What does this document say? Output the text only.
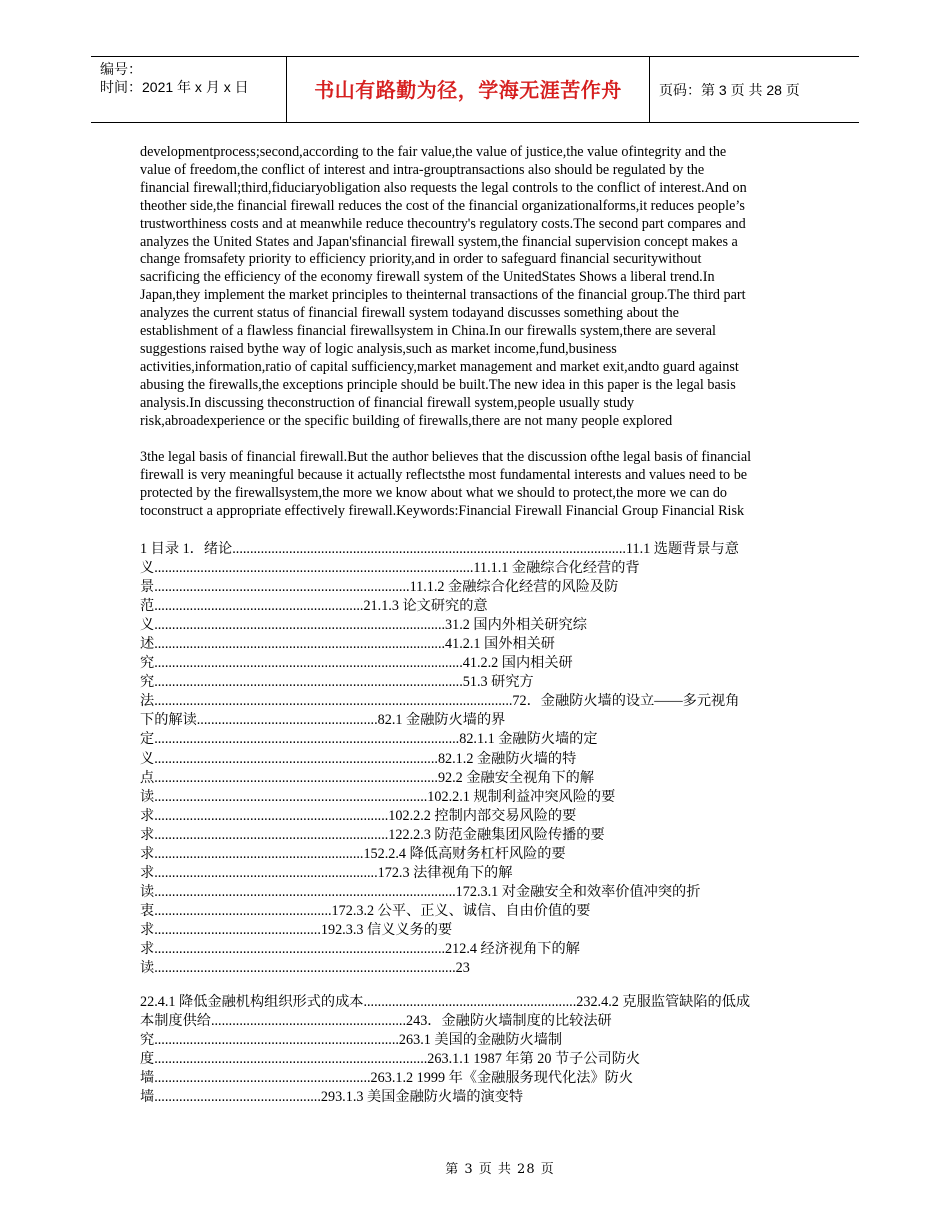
编号：
时间：2021 年 x 月 x 日	书山有路勤为径，学海无涯苦作舟	页码：第 3 页 共 28 页
developmentprocess;second,according to the fair value,the value of justice,the value ofintegrity and the
value of freedom,the conflict of interest and intra-grouptransactions also should be regulated by the
financial firewall;third,fiduciaryobligation also requests the legal controls to the conflict of interest.And on
theother side,the financial firewall reduces the cost of the financial organizationalforms,it reduces people’s
trustworthiness costs and at meanwhile reduce thecountry's regulatory costs.The second part compares and
analyzes the United States and Japan'sfinancial firewall system,the financial supervision concept makes a
change fromsafety priority to efficiency priority,and in order to safeguard financial securitywithout
sacrificing the efficiency of the economy firewall system of the UnitedStates Shows a liberal trend.In
Japan,they implement the market principles to theinternal transactions of the financial group.The third part
analyzes the current status of financial firewall system todayand discusses something about the
establishment of a flawless financial firewallsystem in China.In our firewalls system,there are several
suggestions raised bythe way of logic analysis,such as market income,fund,business
activities,information,ratio of capital sufficiency,market management and market exit,andto guard against
abusing the firewalls,the exceptions principle should be built.The new idea in this paper is the legal basis
analysis.In discussing theconstruction of financial firewall system,people usually study
risk,abroadexperience or the specific building of firewalls,there are not many people explored
3the legal basis of financial firewall.But the author believes that the discussion ofthe legal basis of financial
firewall is very meaningful because it actually reflectsthe most fundamental interests and values need to be
protected by the firewallsystem,the more we know about what we should to protect,the more we can do
toconstruct a appropriate effectively firewall.Keywords:Financial Firewall Financial Group Financial Risk
1 目录 1．绪论...............................................................................................................11.1 选题背景与意
义..........................................................................................11.1.1 金融综合化经营的背
景........................................................................11.1.2 金融综合化经营的风险及防
范...........................................................21.1.3 论文研究的意
义..................................................................................31.2 国内外相关研究综
述..................................................................................41.2.1 国外相关研
究.......................................................................................41.2.2 国内相关研
究.......................................................................................51.3 研究方
法.....................................................................................................72．金融防火墙的设立——多元视角
下的解读...................................................82.1 金融防火墙的界
定......................................................................................82.1.1 金融防火墙的定
义................................................................................82.1.2 金融防火墙的特
点................................................................................92.2 金融安全视角下的解
读.............................................................................102.2.1 规制利益冲突风险的要
求..................................................................102.2.2 控制内部交易风险的要
求..................................................................122.2.3 防范金融集团风险传播的要
求...........................................................152.2.4 降低高财务杠杆风险的要
求...............................................................172.3 法律视角下的解
读.....................................................................................172.3.1 对金融安全和效率价值冲突的折
衷..................................................172.3.2 公平、正义、诚信、自由价值的要
求...............................................192.3.3 信义义务的要
求..................................................................................212.4 经济视角下的解
读.....................................................................................23
22.4.1 降低金融机构组织形式的成本............................................................232.4.2 克服监管缺陷的低成
本制度供给.......................................................243．金融防火墙制度的比较法研
究.....................................................................263.1 美国的金融防火墙制
度.............................................................................263.1.1 1987 年第 20 节子公司防火
墙.............................................................263.1.2 1999 年《金融服务现代化法》防火
墙...............................................293.1.3 美国金融防火墙的演变特
第 3 页 共 28 页
